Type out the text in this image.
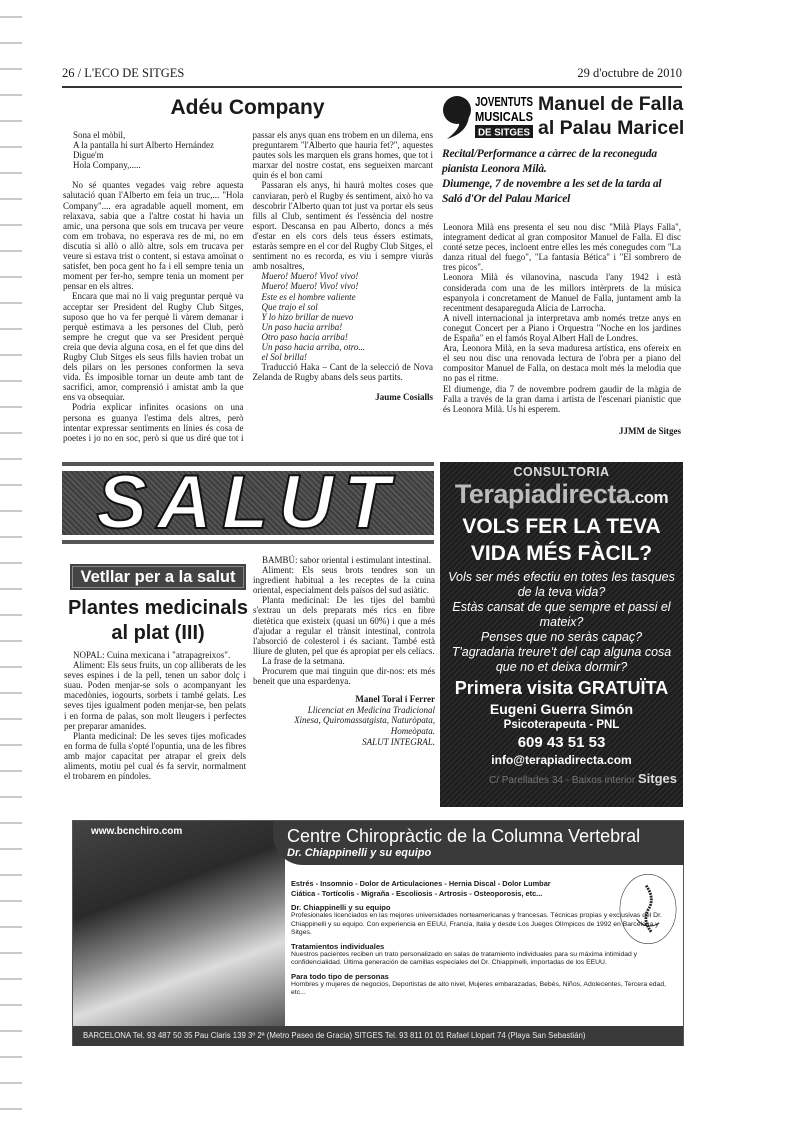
26 / L'ECO DE SITGES	29 d'octubre de 2010
Adéu Company
Sona el mòbil,
A la pantalla hi surt Alberto Hernández
Digue'm
Hola Company,.....

No sé quantes vegades vaig rebre aquesta salutació quan l'Alberto em feia un truc,... "Hola Company".... era agradable aquell moment, em relaxava, sabia que a l'altre costat hi havia un amic, una persona que sols em trucava per veure com em trobava, no esperava res de mi, no em discutia si allò o allò altre, sols em trucava per veure si estava trist o content, si estava amoïnat o satisfet, ben poca gent ho fa i ell sempre tenia un moment per fer-ho, sempre tenia un moment per pensar en els altres.

Encara que mai no li vaig preguntar perquè va acceptar ser President del Rugby Club Sitges, suposo que ho va fer perquè li vàrem demanar i perquè estimava a les persones del Club, però sempre he cregut que va ser President perquè creia que devia alguna cosa, en el fet que dins del Rugby Club Sitges els seus fills havien trobat un dels pilars on les persones conformen la seva vida. És imposible tornar un deute amb tant de sacrifici, amor, comprensió i amistat amb la que ens va obsequiar.

Podria explicar infinites ocasions on una persona es guanya l'estima dels altres, però intentar expressar sentiments en línies és cosa de poetes i jo no en soc, però si que us diré que tot i passar els anys quan ens trobem en un dilema, ens preguntarem "l'Alberto que hauria fet?", aquestes pautes sols les marquen els grans homes, que tot i marxar del nostre costat, ens segueixen marcant quin és el bon camí

Passaran els anys, hi haurà moltes coses que canviaran, però el Rugby és sentiment, això ho va descobrir l'Alberto quan tot just va portar els seus fills al Club, sentiment és l'essència del nostre esport. Descansa en pau Alberto, doncs a més d'estar en els cors dels teus éssers estimats, estaràs sempre en el cor del Rugby Club Sitges, el sentiment no es recorda, es viu i sempre viuràs amb nosaltres,

Muero! Muero! Vivo! vivo!
Muero! Muero! Vivo! vivo!
Este es el hombre valiente
Que trajo el sol
Y lo hizo brillar de nuevo
Un paso hacia arriba!
Otro paso hacia arriba!
Un paso hacia arriba, otro...
el Sol brilla!

Traducció Haka – Cant de la selecció de Nova Zelanda de Rugby abans dels seus partits.

Jaume Cosialls
JOVENTUTS
MUSICALS
DE SITGES
Manuel de Falla
al Palau Maricel
Recital/Performance a càrrec de la reconeguda pianista Leonora Milà.
Diumenge, 7 de novembre a les set de la tarda al Saló d'Or del Palau Maricel

Leonora Milà ens presenta el seu nou disc "Milà Plays Falla", íntegrament dedicat al gran compositor Manuel de Falla. El disc conté setze peces, incloent entre elles les més conegudes com "La danza ritual del fuego", "La fantasía Bética" i "El sombrero de tres picos".

Leonora Milà és vilanovina, nascuda l'any 1942 i està considerada com una de les millors intèrprets de la música espanyola i concretament de Manuel de Falla, juntament amb la recentment desapareguda Alícia de Larrocha.

A nivell internacional ja interpretava amb només tretze anys en conegut Concert per a Piano i Orquestra "Noche en los jardines de España" en el famós Royal Albert Hall de Londres.

Ara, Leonora Milà, en la seva maduresa artística, ens ofereix en el seu nou disc una renovada lectura de l'obra per a piano del compositor Manuel de Falla, on destaca molt més la melodia que no pas el ritme.

El diumenge, dia 7 de novembre podrem gaudir de la màgia de Falla a través de la gran dama i artista de l'escenari pianístic que és Leonora Milà. Us hi esperem.

JJMM de Sitges
SALUT
Vetllar per a la salut
Plantes medicinals
al plat (III)

NOPAL: Cuina mexicana i "atrapagreixos".

Aliment: Els seus fruits, un cop alliberats de les seves espines i de la pell, tenen un sabor dolç i suau. Poden menjar-se sols o acompanyant les macedònies, iogourts, sorbets i també gelats. Les seves tijes igualment poden menjar-se, ben pelats i en forma de palas, son molt lleugers i perfectes per preparar amanides.

Planta medicinal: De les seves tijes moficades en forma de fulla s'opté l'opuntia, una de les fibres amb major capacitat per atrapar el greix dels aliments, motiu pel cual és fa servir, normalment el trobarem en píndoles.

BAMBÚ: sabor oriental i estimulant intestinal.

Aliment: Els seus brots tendres son un ingredient habitual a les receptes de la cuina oriental, especialment dels països del sud asiàtic.

Planta medicinal: De les tijes del bambú s'extrau un dels preparats més rics en fibre dietètica que existeix (quasi un 60%) i que a més d'ajudar a regular el trànsit intestinal, controla l'absorció de colesterol i és saciant. També està lliure de gluten, pel que és apropiat per els celíacs.

La frase de la setmana.

Procurem que mai tinguin que dir-nos: ets més beneit que una espardenya.

Manel Toral i Ferrer
Llicenciat en Medicina Tradicional
Xinesa, Quiromassatgista, Naturòpata,
Homeòpata.
SALUT INTEGRAL.
CONSULTORIA
Terapiadirecta.com
VOLS FER LA TEVA
VIDA MÉS FÀCIL?
Vols ser més efectiu en totes les tasques de la teva vida?
Estàs cansat de que sempre et passi el mateix?
Penses que no seràs capaç?
T'agradaria treure't del cap alguna cosa que no et deixa dormir?
Primera visita GRATUÏTA
Eugeni Guerra Simón
Psicoterapeuta - PNL
609 43 51 53
info@terapiadirecta.com
C/ Parellades 34 - Baixos interior Sitges
www.bcnchiro.com	Centre Chiropràctic de la Columna Vertebral
Dr. Chiappinelli y su equipo
Estrés - Insomnio - Dolor de Articulaciones - Hernia Discal - Dolor Lumbar
Ciática - Tortícolis - Migraña - Escoliosis - Artrosis - Osteoporosis, etc...
Dr. Chiappinelli y su equipo
Profesionales licenciados en las mejores universidades norteamericanas y francesas. Técnicas propias y exclusivas del Dr. Chiappinelli y su equipo. Con experiencia en EEUU, Francia, Italia y desde Los Juegos Olímpicos de 1992 en Barcelona y Sitges.
Tratamientos individuales
Nuestros pacientes reciben un trato personalizado en salas de tratamiento individuales para su máxima intimidad y confidencialidad. Última generación de camillas especiales del Dr. Chiappinelli, importadas de los EEUU.
Para todo tipo de personas
Hombres y mujeres de negocios, Deportistas de alto nivel, Mujeres embarazadas, Bebés, Niños, Adolecentes, Tercera edad, etc...
BARCELONA Tel. 93 487 50 35 Pau Claris 139 3º 2ª (Metro Paseo de Gracia) SITGES Tel. 93 811 01 01 Rafael Llopart 74 (Playa San Sebastián)
